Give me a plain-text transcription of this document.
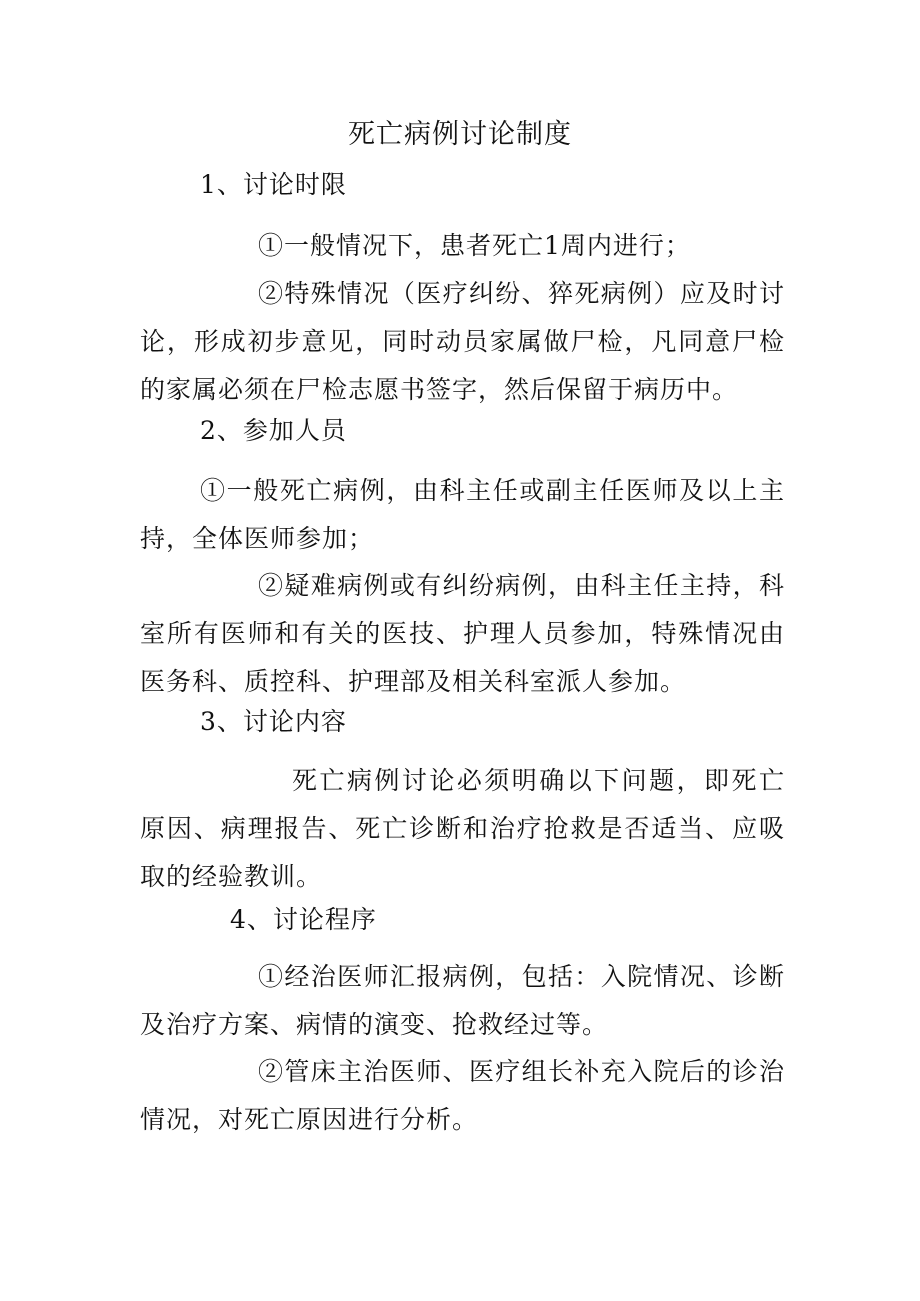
死亡病例讨论制度
1、讨论时限
①一般情况下，患者死亡1周内进行；
②特殊情况（医疗纠纷、猝死病例）应及时讨论，形成初步意见，同时动员家属做尸检，凡同意尸检的家属必须在尸检志愿书签字，然后保留于病历中。
2、参加人员
①一般死亡病例，由科主任或副主任医师及以上主持，全体医师参加；
②疑难病例或有纠纷病例，由科主任主持，科室所有医师和有关的医技、护理人员参加，特殊情况由医务科、质控科、护理部及相关科室派人参加。
3、讨论内容
死亡病例讨论必须明确以下问题，即死亡原因、病理报告、死亡诊断和治疗抢救是否适当、应吸取的经验教训。
4、讨论程序
①经治医师汇报病例，包括：入院情况、诊断及治疗方案、病情的演变、抢救经过等。
②管床主治医师、医疗组长补充入院后的诊治情况，对死亡原因进行分析。
